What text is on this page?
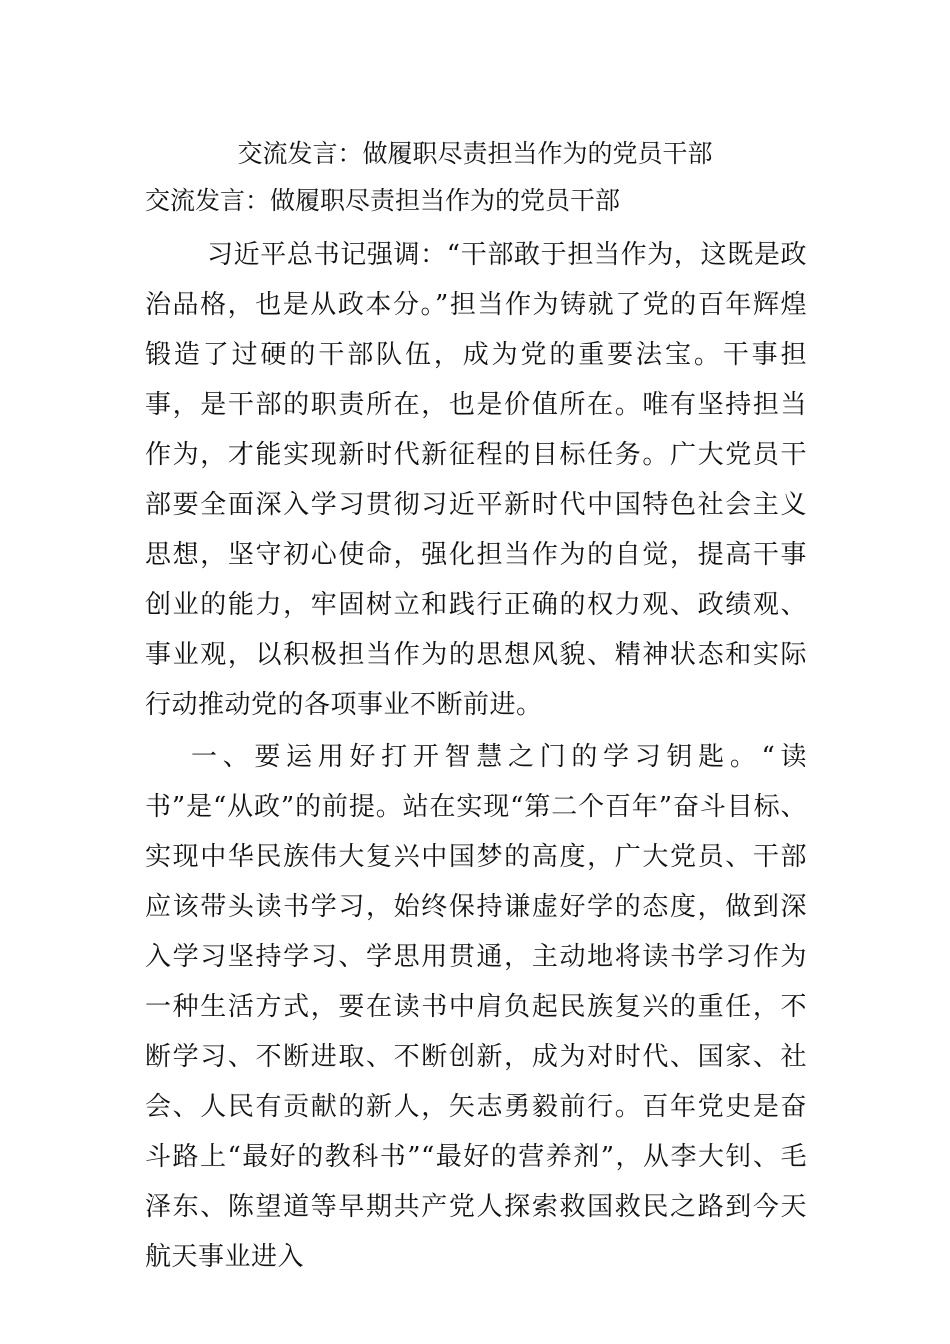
交流发言：做履职尽责担当作为的党员干部
交流发言：做履职尽责担当作为的党员干部

习近平总书记强调：“干部敢于担当作为，这既是政治品格，也是从政本分。”担当作为铸就了党的百年辉煌锻造了过硬的干部队伍，成为党的重要法宝。干事担事，是干部的职责所在，也是价值所在。唯有坚持担当作为，才能实现新时代新征程的目标任务。广大党员干部要全面深入学习贯彻习近平新时代中国特色社会主义思想，坚守初心使命，强化担当作为的自觉，提高干事创业的能力，牢固树立和践行正确的权力观、政绩观、事业观，以积极担当作为的思想风貌、精神状态和实际行动推动党的各项事业不断前进。

一、要运用好打开智慧之门的学习钥匙。“读书”是“从政”的前提。站在实现“第二个百年”奋斗目标、实现中华民族伟大复兴中国梦的高度，广大党员、干部应该带头读书学习，始终保持谦虚好学的态度，做到深入学习坚持学习、学思用贯通，主动地将读书学习作为一种生活方式，要在读书中肩负起民族复兴的重任，不断学习、不断进取、不断创新，成为对时代、国家、社会、人民有贡献的新人，矢志勇毅前行。百年党史是奋斗路上“最好的教科书”“最好的营养剂”，从李大钊、毛泽东、陈望道等早期共产党人探索救国救民之路到今天航天事业进入
